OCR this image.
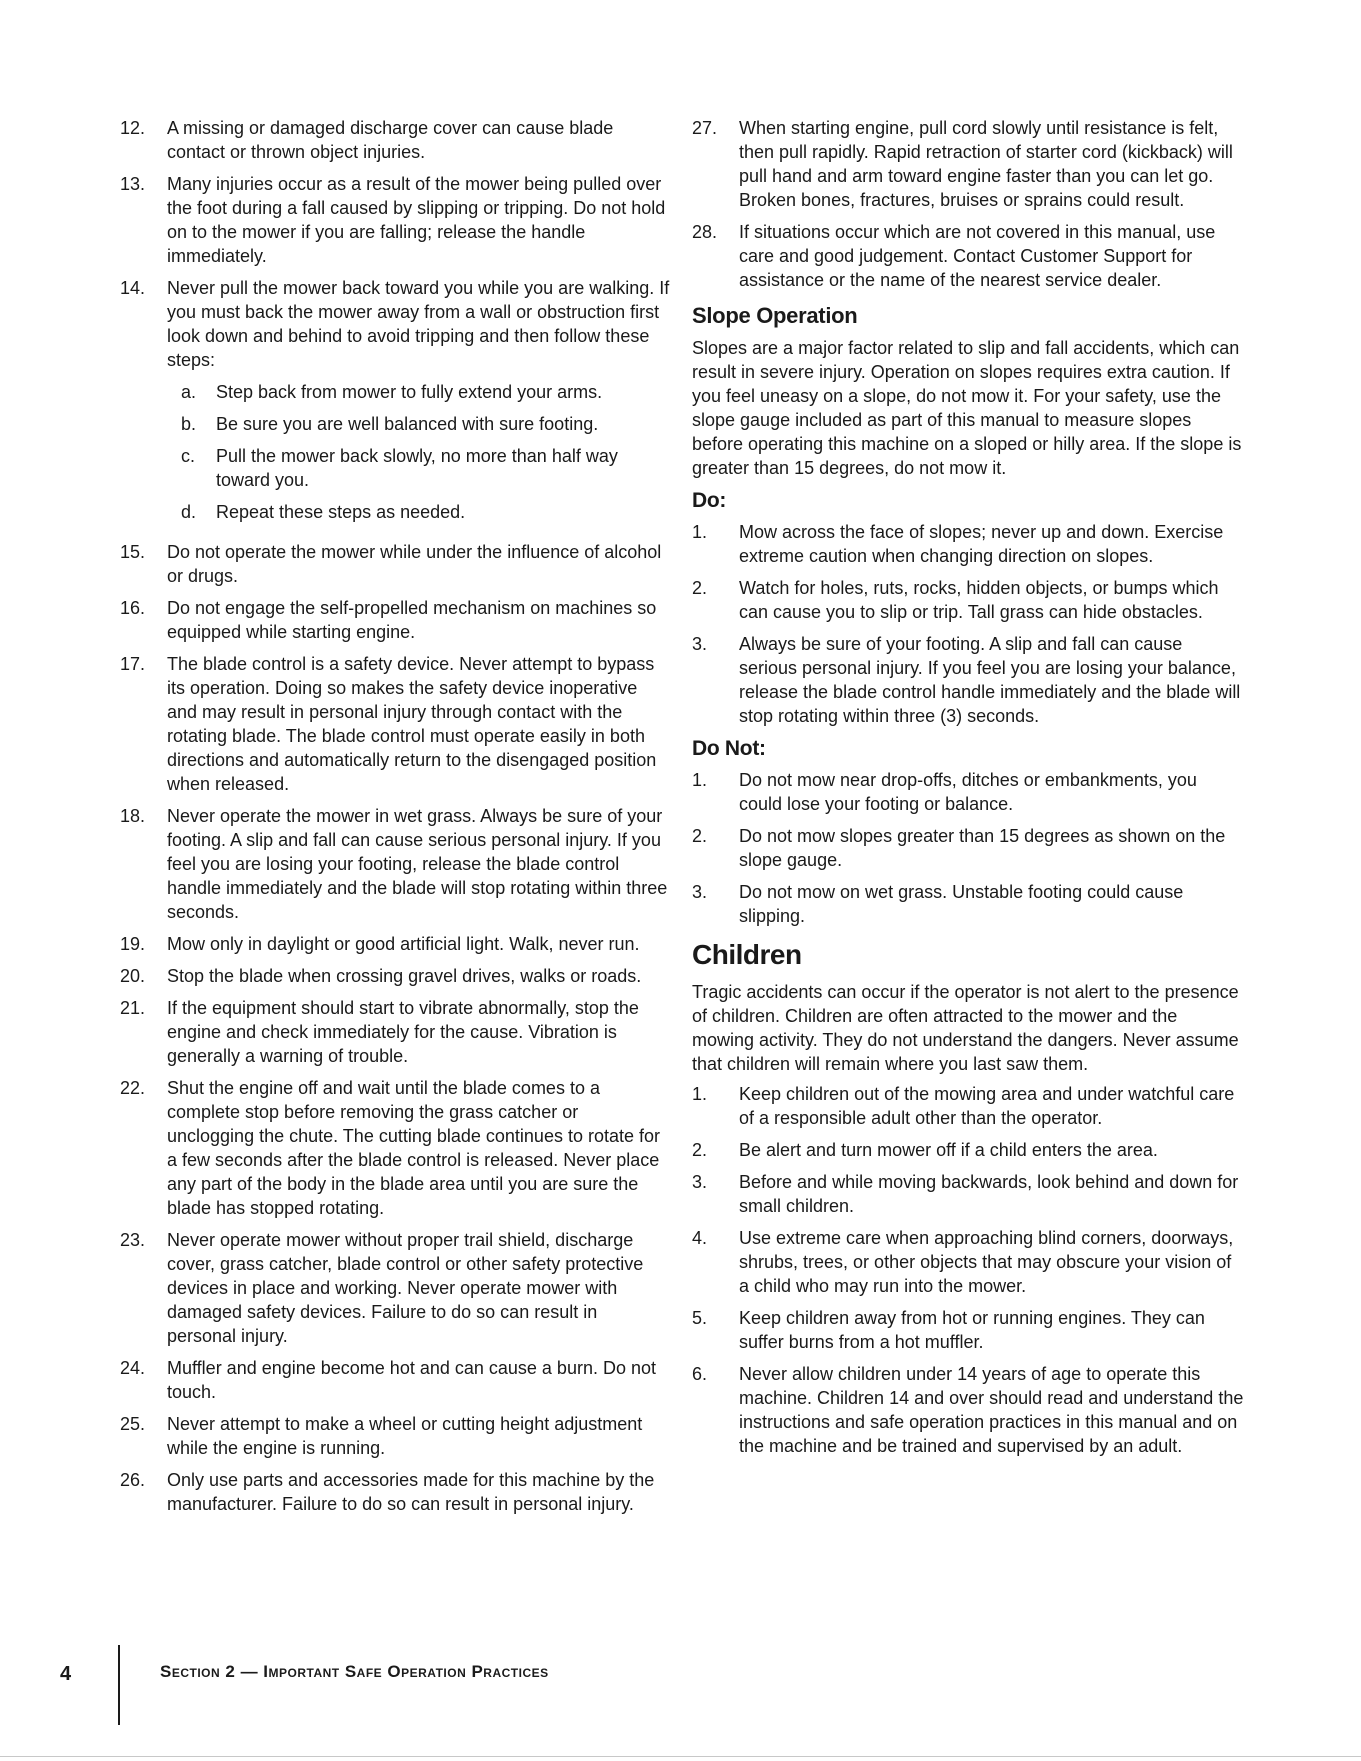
12.	A missing or damaged discharge cover can cause blade contact or thrown object injuries.
13.	Many injuries occur as a result of the mower being pulled over the foot during a fall caused by slipping or tripping. Do not hold on to the mower if you are falling; release the handle immediately.
14.	Never pull the mower back toward you while you are walking. If you must back the mower away from a wall or obstruction first look down and behind to avoid tripping and then follow these steps:
a.	Step back from mower to fully extend your arms.
b.	Be sure you are well balanced with sure footing.
c.	Pull the mower back slowly, no more than half way toward you.
d.	Repeat these steps as needed.
15.	Do not operate the mower while under the influence of alcohol or drugs.
16.	Do not engage the self-propelled mechanism on machines so equipped while starting engine.
17.	The blade control is a safety device. Never attempt to bypass its operation. Doing so makes the safety device inoperative and may result in personal injury through contact with the rotating blade. The blade control must operate easily in both directions and automatically return to the disengaged position when released.
18.	Never operate the mower in wet grass. Always be sure of your footing. A slip and fall can cause serious personal injury. If you feel you are losing your footing, release the blade control handle immediately and the blade will stop rotating within three seconds.
19.	Mow only in daylight or good artificial light. Walk, never run.
20.	Stop the blade when crossing gravel drives, walks or roads.
21.	If the equipment should start to vibrate abnormally, stop the engine and check immediately for the cause. Vibration is generally a warning of trouble.
22.	Shut the engine off and wait until the blade comes to a complete stop before removing the grass catcher or unclogging the chute. The cutting blade continues to rotate for a few seconds after the blade control is released. Never place any part of the body in the blade area until you are sure the blade has stopped rotating.
23.	Never operate mower without proper trail shield, discharge cover, grass catcher, blade control or other safety protective devices in place and working. Never operate mower with damaged safety devices. Failure to do so can result in personal injury.
24.	Muffler and engine become hot and can cause a burn. Do not touch.
25.	Never attempt to make a wheel or cutting height adjustment while the engine is running.
26.	Only use parts and accessories made for this machine by the manufacturer. Failure to do so can result in personal injury.
27.	When starting engine, pull cord slowly until resistance is felt, then pull rapidly. Rapid retraction of starter cord (kickback) will pull hand and arm toward engine faster than you can let go. Broken bones, fractures, bruises or sprains could result.
28.	If situations occur which are not covered in this manual, use care and good judgement. Contact Customer Support for assistance or the name of the nearest service dealer.
Slope Operation
Slopes are a major factor related to slip and fall accidents, which can result in severe injury. Operation on slopes requires extra caution. If you feel uneasy on a slope, do not mow it. For your safety, use the slope gauge included as part of this manual to measure slopes before operating this machine on a sloped or hilly area. If the slope is greater than 15 degrees, do not mow it.
Do:
1.	Mow across the face of slopes; never up and down. Exercise extreme caution when changing direction on slopes.
2.	Watch for holes, ruts, rocks, hidden objects, or bumps which can cause you to slip or trip. Tall grass can hide obstacles.
3.	Always be sure of your footing. A slip and fall can cause serious personal injury. If you feel you are losing your balance, release the blade control handle immediately and the blade will stop rotating within three (3) seconds.
Do Not:
1.	Do not mow near drop-offs, ditches or embankments, you could lose your footing or balance.
2.	Do not mow slopes greater than 15 degrees as shown on the slope gauge.
3.	Do not mow on wet grass. Unstable footing could cause slipping.
Children
Tragic accidents can occur if the operator is not alert to the presence of children. Children are often attracted to the mower and the mowing activity. They do not understand the dangers. Never assume that children will remain where you last saw them.
1.	Keep children out of the mowing area and under watchful care of a responsible adult other than the operator.
2.	Be alert and turn mower off if a child enters the area.
3.	Before and while moving backwards, look behind and down for small children.
4.	Use extreme care when approaching blind corners, doorways, shrubs, trees, or other objects that may obscure your vision of a child who may run into the mower.
5.	Keep children away from hot or running engines. They can suffer burns from a hot muffler.
6.	Never allow children under 14 years of age to operate this machine. Children 14 and over should read and understand the instructions and safe operation practices in this manual and on the machine and be trained and supervised by an adult.
4	Section 2 — Important Safe Operation Practices
